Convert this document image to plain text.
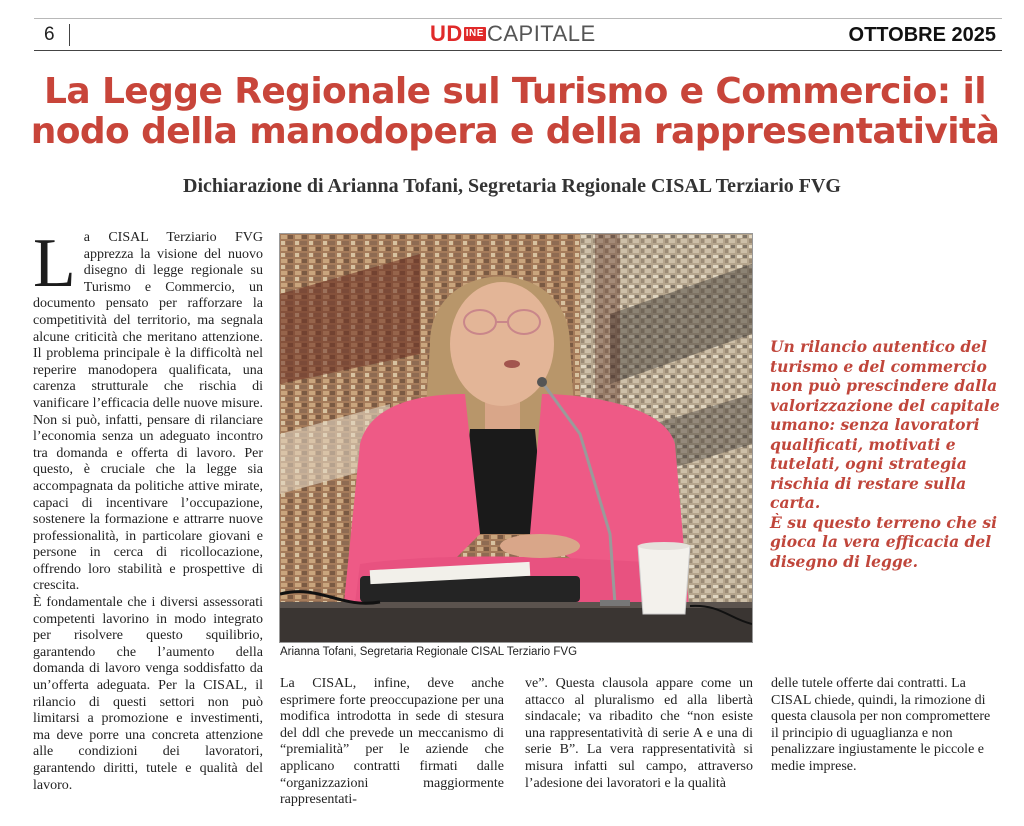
6	UD INE CAPITALE	OTTOBRE 2025
La Legge Regionale sul Turismo e Commercio: il nodo della manodopera e della rappresentatività
Dichiarazione di Arianna Tofani, Segretaria Regionale CISAL Terziario FVG
L a CISAL Terziario FVG apprezza la visione del nuovo disegno di legge regionale su Turismo e Commercio, un documento pensato per rafforzare la competitività del territorio, ma segnala alcune criticità che meritano attenzione. Il problema principale è la difficoltà nel reperire manodopera qualificata, una carenza strutturale che rischia di vanificare l’efficacia delle nuove misure. Non si può, infatti, pensare di rilanciare l’economia senza un adeguato incontro tra domanda e offerta di lavoro. Per questo, è cruciale che la legge sia accompagnata da politiche attive mirate, capaci di incentivare l’occupazione, sostenere la formazione e attrarre nuove professionalità, in particolare giovani e persone in cerca di ricollocazione, offrendo loro stabilità e prospettive di crescita.

È fondamentale che i diversi assessorati competenti lavorino in modo integrato per risolvere questo squilibrio, garantendo che l’aumento della domanda di lavoro venga soddisfatto da un’offerta adeguata. Per la CISAL, il rilancio di questi settori non può limitarsi a promozione e investimenti, ma deve porre una concreta attenzione alle condizioni dei lavoratori, garantendo diritti, tutele e qualità del lavoro.

Arianna Tofani, Segretaria Regionale CISAL Terziario FVG

Un rilancio autentico del turismo e del commercio non può prescindere dalla valorizzazione del capitale umano: senza lavoratori qualificati, motivati e tutelati, ogni strategia rischia di restare sulla carta.

È su questo terreno che si gioca la vera efficacia del disegno di legge.

La CISAL, infine, deve anche esprimere forte preoccupazione per una modifica introdotta in sede di stesura del ddl che prevede un meccanismo di “premialità” per le aziende che applicano contratti firmati dalle “organizzazioni maggiormente rappresentati-

ve”. Questa clausola appare come un attacco al pluralismo ed alla libertà sindacale; va ribadito che “non esiste una rappresentatività di serie A e una di serie B”. La vera rappresentatività si misura infatti sul campo, attraverso l’adesione dei lavoratori e la qualità

delle tutele offerte dai contratti. La CISAL chiede, quindi, la rimozione di questa clausola per non compromettere il principio di uguaglianza e non penalizzare ingiustamente le piccole e medie imprese.
